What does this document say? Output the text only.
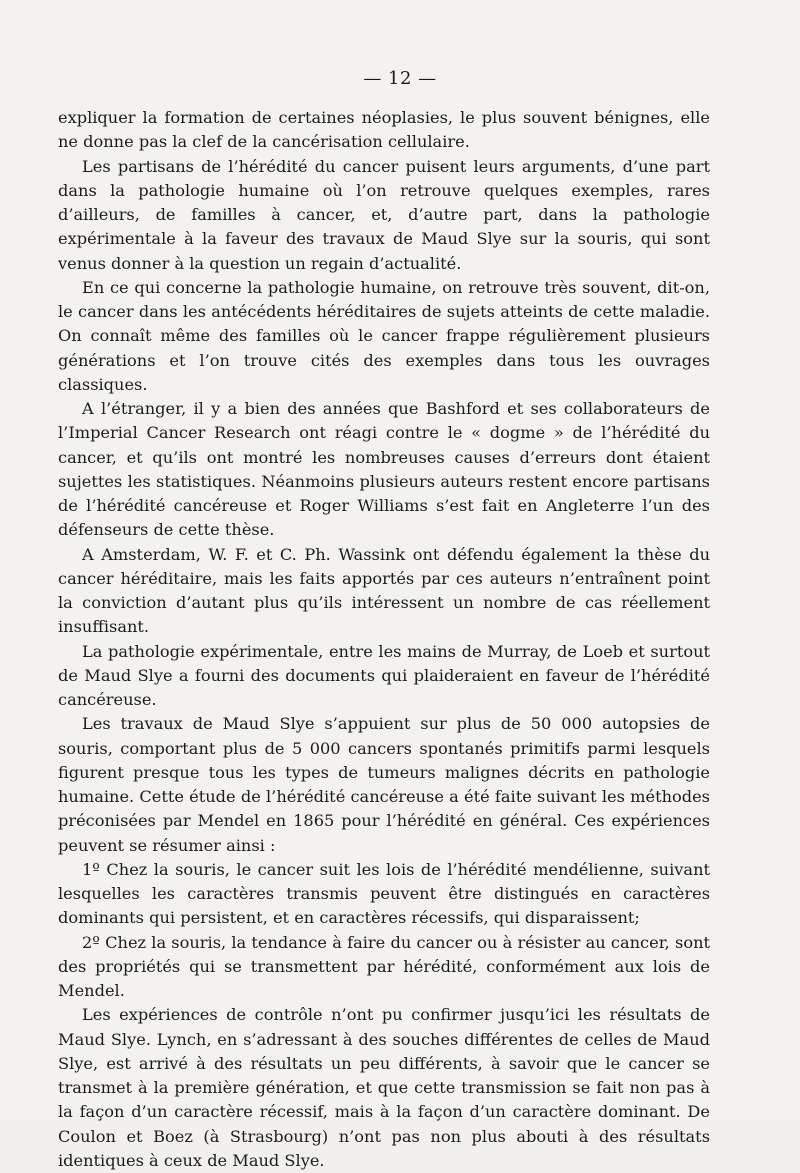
— 12 —

expliquer la formation de certaines néoplasies, le plus souvent bénignes, elle ne donne pas la clef de la cancérisation cellulaire.

Les partisans de l’hérédité du cancer puisent leurs arguments, d’une part dans la pathologie humaine où l’on retrouve quelques exemples, rares d’ailleurs, de familles à cancer, et, d’autre part, dans la pathologie expérimentale à la faveur des travaux de Maud Slye sur la souris, qui sont venus donner à la question un regain d’actualité.

En ce qui concerne la pathologie humaine, on retrouve très souvent, dit-on, le cancer dans les antécédents héréditaires de sujets atteints de cette maladie. On connaît même des familles où le cancer frappe régulièrement plusieurs générations et l’on trouve cités des exemples dans tous les ouvrages classiques.

A l’étranger, il y a bien des années que Bashford et ses collaborateurs de l’Imperial Cancer Research ont réagi contre le « dogme » de l’hérédité du cancer, et qu’ils ont montré les nombreuses causes d’erreurs dont étaient sujettes les statistiques. Néanmoins plusieurs auteurs restent encore partisans de l’hérédité cancéreuse et Roger Williams s’est fait en Angleterre l’un des défenseurs de cette thèse.

A Amsterdam, W. F. et C. Ph. Wassink ont défendu également la thèse du cancer héréditaire, mais les faits apportés par ces auteurs n’entraînent point la conviction d’autant plus qu’ils intéressent un nombre de cas réellement insuffisant.

La pathologie expérimentale, entre les mains de Murray, de Loeb et surtout de Maud Slye a fourni des documents qui plaideraient en faveur de l’hérédité cancéreuse.

Les travaux de Maud Slye s’appuient sur plus de 50 000 autopsies de souris, comportant plus de 5 000 cancers spontanés primitifs parmi lesquels figurent presque tous les types de tumeurs malignes décrits en pathologie humaine. Cette étude de l’hérédité cancéreuse a été faite suivant les méthodes préconisées par Mendel en 1865 pour l’hérédité en général. Ces expériences peuvent se résumer ainsi :

1º Chez la souris, le cancer suit les lois de l’hérédité mendélienne, suivant lesquelles les caractères transmis peuvent être distingués en caractères dominants qui persistent, et en caractères récessifs, qui disparaissent;

2º Chez la souris, la tendance à faire du cancer ou à résister au cancer, sont des propriétés qui se transmettent par hérédité, conformément aux lois de Mendel.

Les expériences de contrôle n’ont pu confirmer jusqu’ici les résultats de Maud Slye. Lynch, en s’adressant à des souches différentes de celles de Maud Slye, est arrivé à des résultats un peu différents, à savoir que le cancer se transmet à la première génération, et que cette transmission se fait non pas à la façon d’un caractère récessif, mais à la façon d’un caractère dominant. De Coulon et Boez (à Strasbourg) n’ont pas non plus abouti à des résultats identiques à ceux de Maud Slye.
